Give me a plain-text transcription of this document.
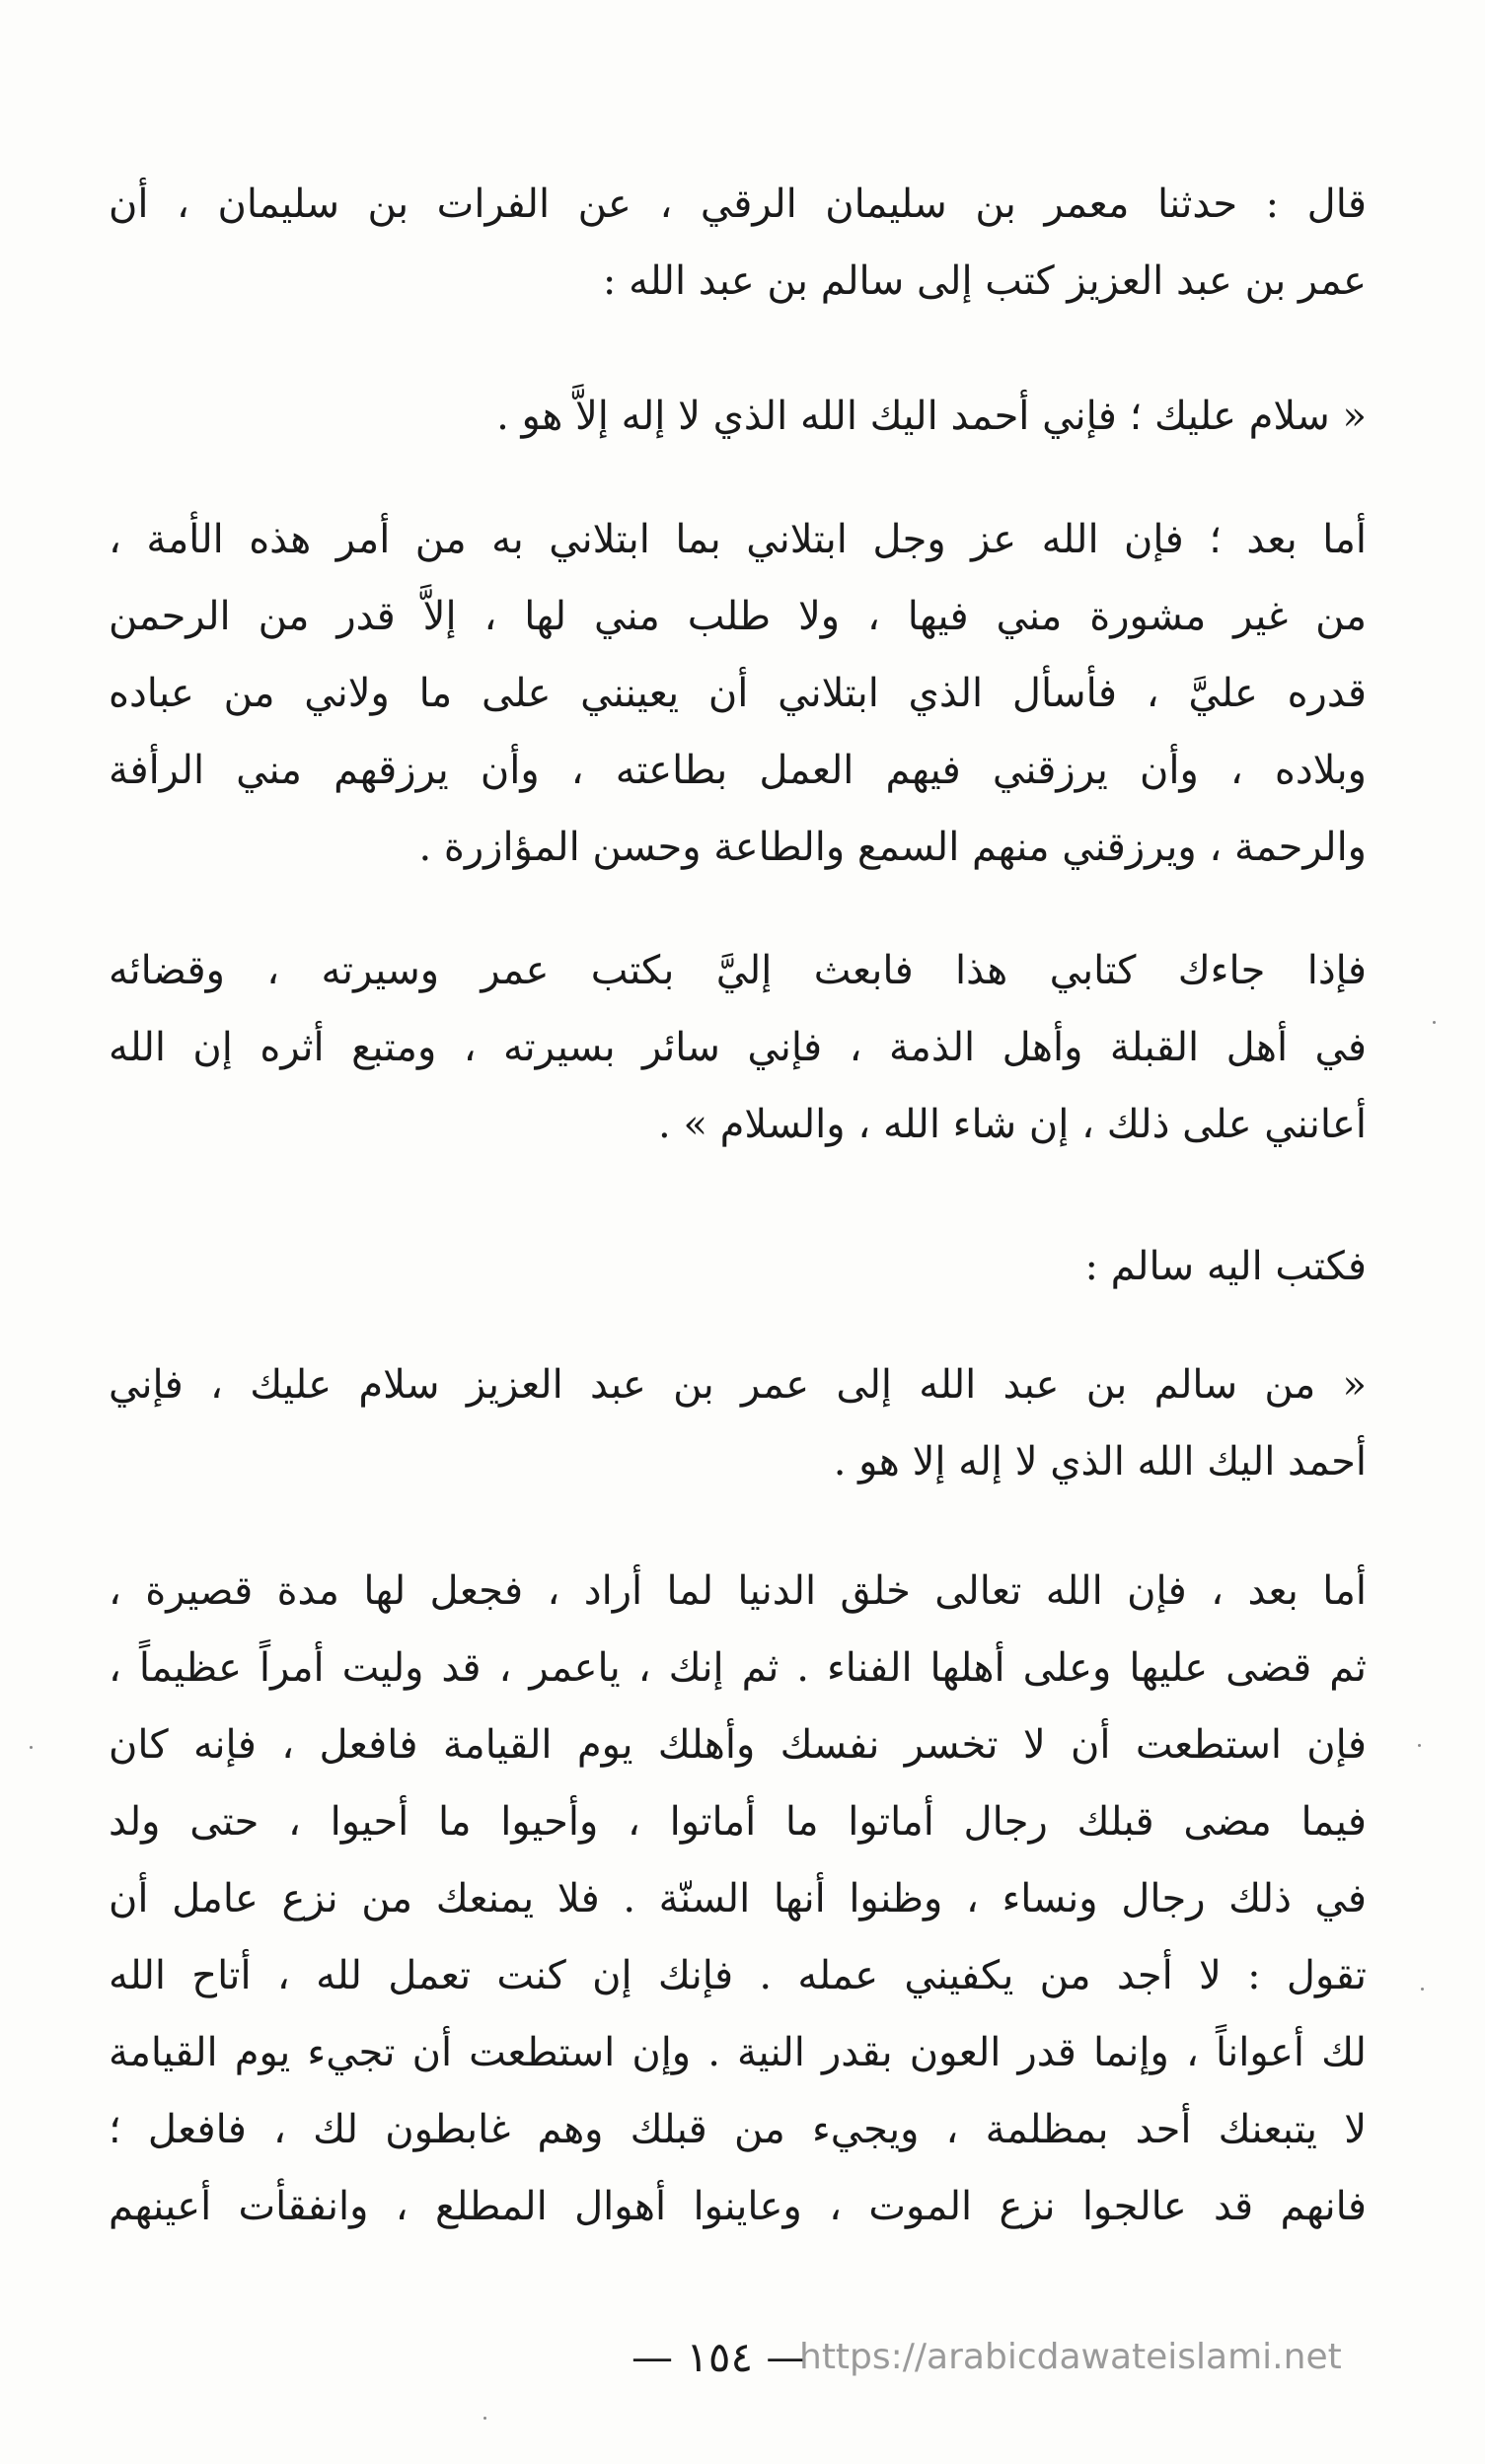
قال : حدثنا معمر بن سليمان الرقي ، عن الفرات بن سليمان ، أن
عمر بن عبد العزيز كتب إلى سالم بن عبد الله :
« سلام عليك ؛ فإني أحمد اليك الله الذي لا إله إلاَّ هو .
أما بعد ؛ فإن الله عز وجل ابتلاني بما ابتلاني به من أمر هذه الأمة ،
من غير مشورة مني فيها ، ولا طلب مني لها ، إلاَّ قدر من الرحمن
قدره عليَّ ، فأسأل الذي ابتلاني أن يعينني على ما ولاني من عباده
وبلاده ، وأن يرزقني فيهم العمل بطاعته ، وأن يرزقهم مني الرأفة
والرحمة ، ويرزقني منهم السمع والطاعة وحسن المؤازرة .
فإذا جاءك كتابي هذا فابعث إليَّ بكتب عمر وسيرته ، وقضائه
في أهل القبلة وأهل الذمة ، فإني سائر بسيرته ، ومتبع أثره إن الله
أعانني على ذلك ، إن شاء الله ، والسلام » .
فكتب اليه سالم :
« من سالم بن عبد الله إلى عمر بن عبد العزيز سلام عليك ، فإني
أحمد اليك الله الذي لا إله إلا هو .
أما بعد ، فإن الله تعالى خلق الدنيا لما أراد ، فجعل لها مدة قصيرة ،
ثم قضى عليها وعلى أهلها الفناء . ثم إنك ، ياعمر ، قد وليت أمراً عظيماً ،
فإن استطعت أن لا تخسر نفسك وأهلك يوم القيامة فافعل ، فإنه كان
فيما مضى قبلك رجال أماتوا ما أماتوا ، وأحيوا ما أحيوا ، حتى ولد
في ذلك رجال ونساء ، وظنوا أنها السنّة . فلا يمنعك من نزع عامل أن
تقول : لا أجد من يكفيني عمله . فإنك إن كنت تعمل لله ، أتاح الله
لك أعواناً ، وإنما قدر العون بقدر النية . وإن استطعت أن تجيء يوم القيامة
لا يتبعنك أحد بمظلمة ، ويجيء من قبلك وهم غابطون لك ، فافعل ؛
فانهم قد عالجوا نزع الموت ، وعاينوا أهوال المطلع ، وانفقأت أعينهم
— ١٥٤ —
https://arabicdawateislami.net
